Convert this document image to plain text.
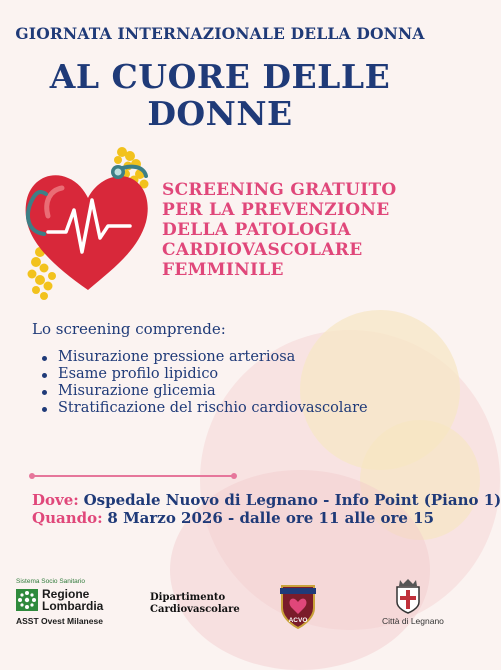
GIORNATA INTERNAZIONALE DELLA DONNA
AL CUORE DELLE
DONNE
SCREENING GRATUITO
PER LA PREVENZIONE
DELLA PATOLOGIA
CARDIOVASCOLARE
FEMMINILE
Lo screening comprende:
Misurazione pressione arteriosa
Esame profilo lipidico
Misurazione glicemia
Stratificazione del rischio cardiovascolare
Dove: Ospedale Nuovo di Legnano - Info Point (Piano 1)
Quando: 8 Marzo 2026 - dalle ore 11 alle ore 15
Sistema Socio Sanitario
Regione
Lombardia
ASST Ovest Milanese
Dipartimento
Cardiovascolare
ACVO	Città di Legnano
